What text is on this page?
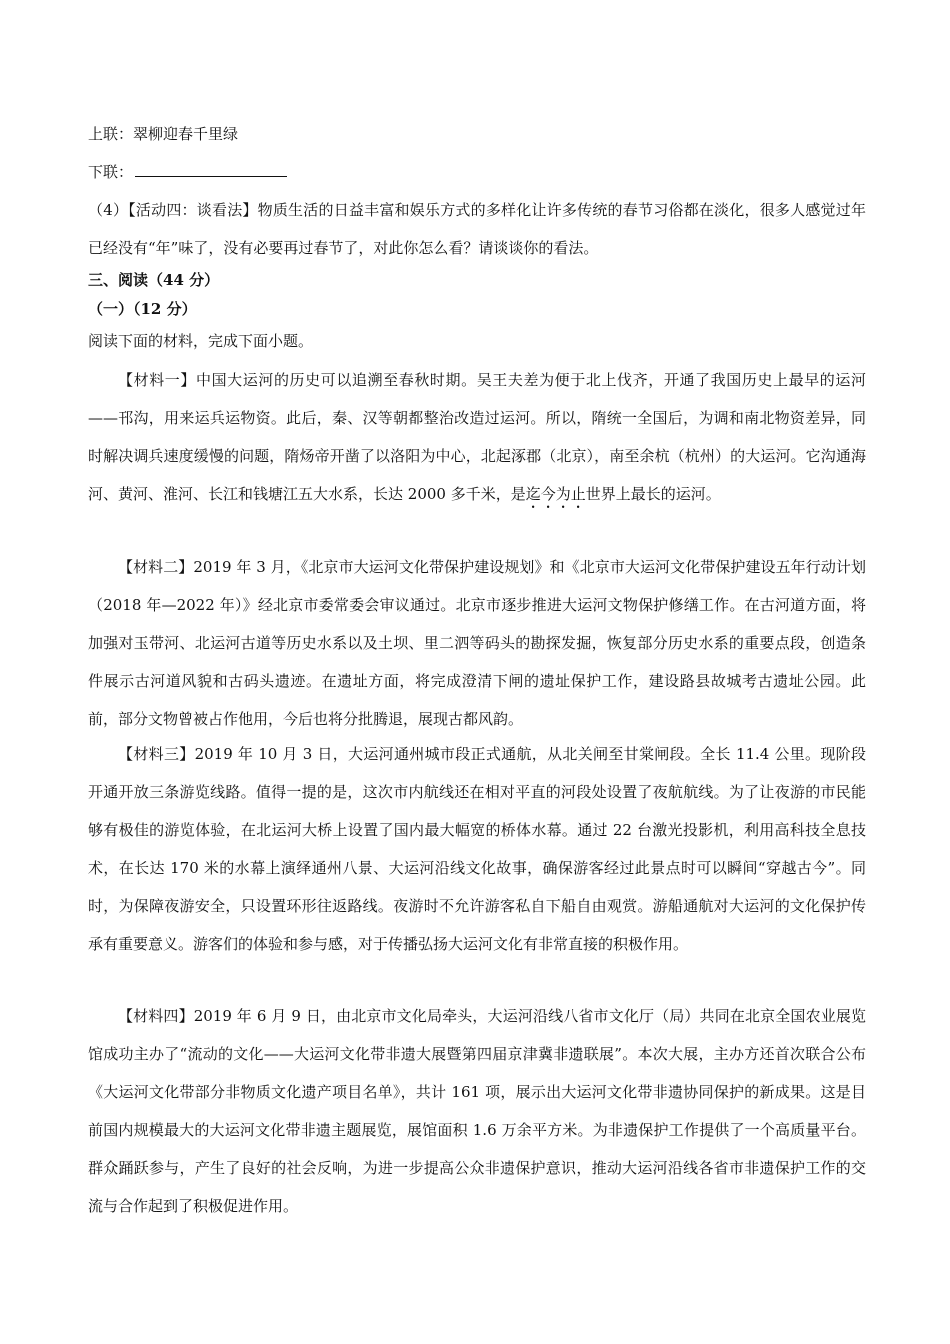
上联：翠柳迎春千里绿
下联：
（4）【活动四：谈看法】物质生活的日益丰富和娱乐方式的多样化让许多传统的春节习俗都在淡化，很多人感觉过年已经没有“年”味了，没有必要再过春节了，对此你怎么看？请谈谈你的看法。
三、阅读（44 分）
（一）（12 分）
阅读下面的材料，完成下面小题。
【材料一】中国大运河的历史可以追溯至春秋时期。吴王夫差为便于北上伐齐，开通了我国历史上最早的运河——邗沟，用来运兵运物资。此后，秦、汉等朝都整治改造过运河。所以，隋统一全国后，为调和南北物资差异，同时解决调兵速度缓慢的问题，隋炀帝开凿了以洛阳为中心，北起涿郡（北京），南至余杭（杭州）的大运河。它沟通海河、黄河、淮河、长江和钱塘江五大水系，长达 2000 多千米，是迄今为止世界上最长的运河。
【材料二】2019 年 3 月，《北京市大运河文化带保护建设规划》和《北京市大运河文化带保护建设五年行动计划（2018 年—2022 年）》经北京市委常委会审议通过。北京市逐步推进大运河文物保护修缮工作。在古河道方面，将加强对玉带河、北运河古道等历史水系以及土坝、里二泗等码头的勘探发掘，恢复部分历史水系的重要点段，创造条件展示古河道风貌和古码头遗迹。在遗址方面，将完成澄清下闸的遗址保护工作，建设路县故城考古遗址公园。此前，部分文物曾被占作他用，今后也将分批腾退，展现古都风韵。
【材料三】2019 年 10 月 3 日，大运河通州城市段正式通航，从北关闸至甘棠闸段。全长 11.4 公里。现阶段开通开放三条游览线路。值得一提的是，这次市内航线还在相对平直的河段处设置了夜航航线。为了让夜游的市民能够有极佳的游览体验，在北运河大桥上设置了国内最大幅宽的桥体水幕。通过 22 台激光投影机，利用高科技全息技术，在长达 170 米的水幕上演绎通州八景、大运河沿线文化故事，确保游客经过此景点时可以瞬间“穿越古今”。同时，为保障夜游安全，只设置环形往返路线。夜游时不允许游客私自下船自由观赏。游船通航对大运河的文化保护传承有重要意义。游客们的体验和参与感，对于传播弘扬大运河文化有非常直接的积极作用。
【材料四】2019 年 6 月 9 日，由北京市文化局牵头，大运河沿线八省市文化厅（局）共同在北京全国农业展览馆成功主办了“流动的文化——大运河文化带非遗大展暨第四届京津冀非遗联展”。本次大展，主办方还首次联合公布《大运河文化带部分非物质文化遗产项目名单》，共计 161 项，展示出大运河文化带非遗协同保护的新成果。这是目前国内规模最大的大运河文化带非遗主题展览，展馆面积 1.6 万余平方米。为非遗保护工作提供了一个高质量平台。群众踊跃参与，产生了良好的社会反响，为进一步提高公众非遗保护意识，推动大运河沿线各省市非遗保护工作的交流与合作起到了积极促进作用。
